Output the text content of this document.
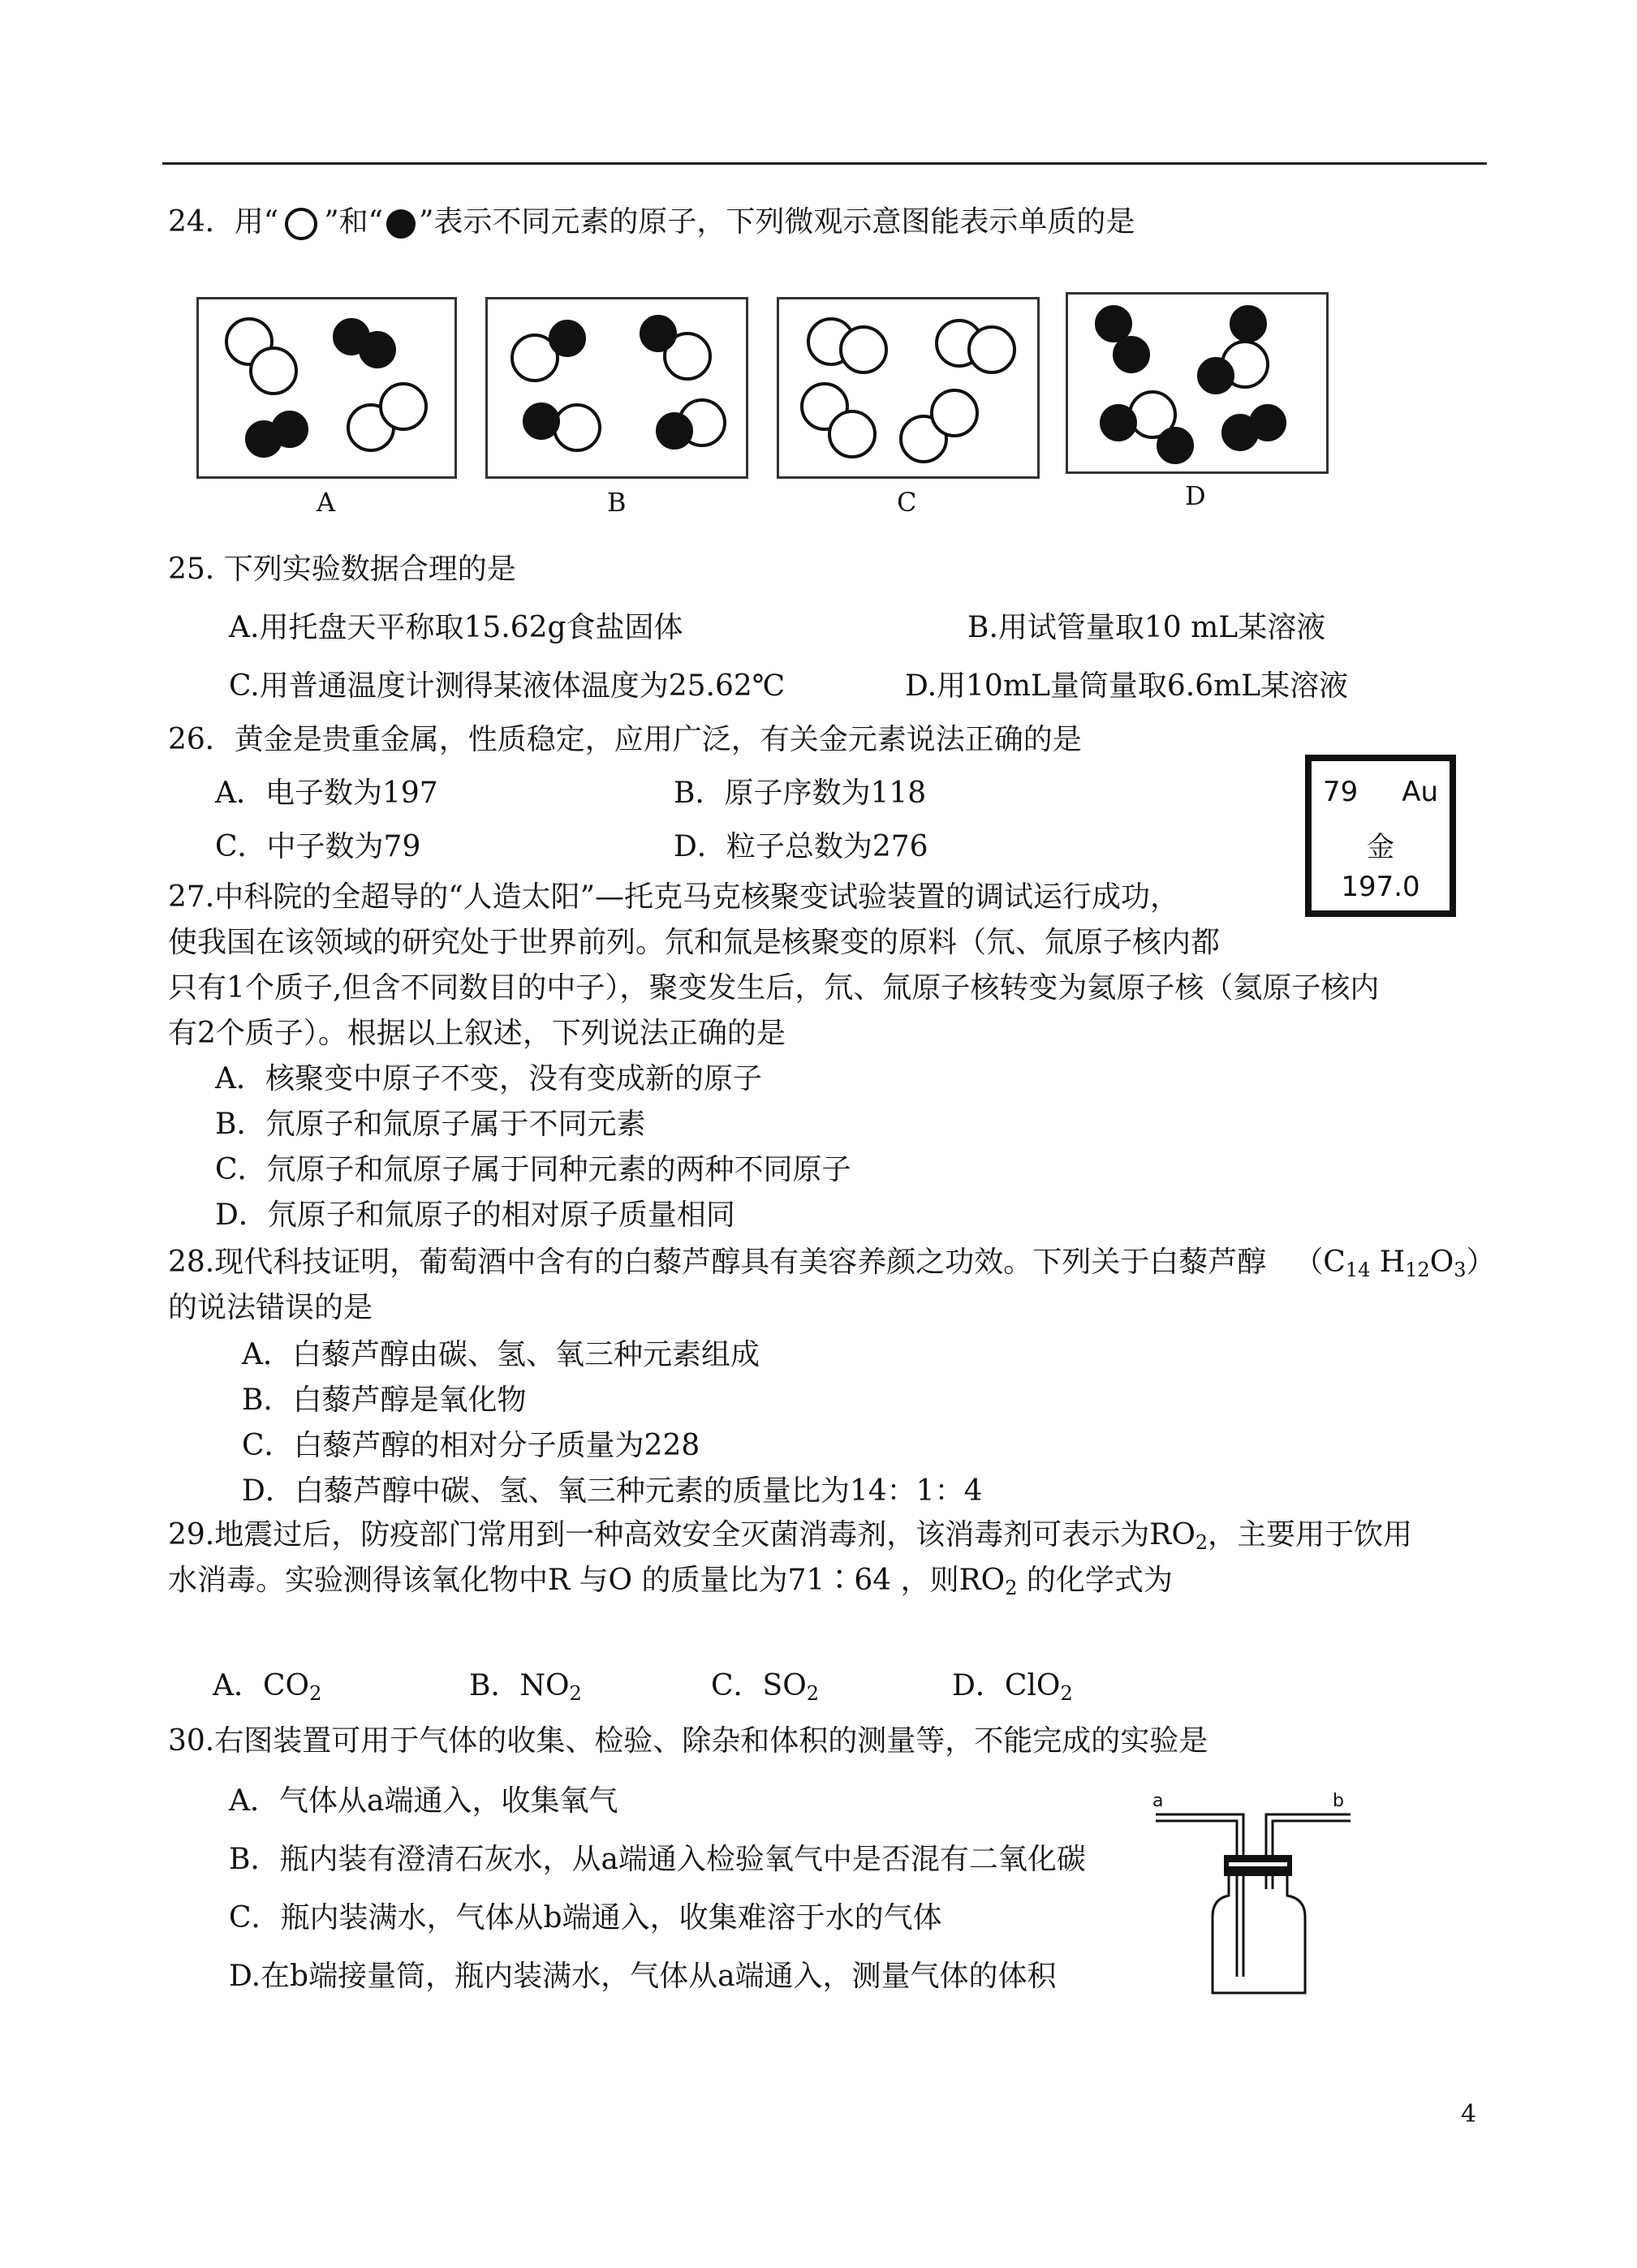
24．用“ ”和“ ”表示不同元素的原子，下列微观示意图能表示单质的是
A	B	C	D
25. 下列实验数据合理的是
A.用托盘天平称取15.62g食盐固体	B.用试管量取10 mL某溶液
C.用普通温度计测得某液体温度为25.62℃	D.用10mL量筒量取6.6mL某溶液
26．黄金是贵重金属，性质稳定，应用广泛，有关金元素说法正确的是
A．电子数为197	B．原子序数为118
C．中子数为79	D．粒子总数为276
79 Au
金
197.0
27.中科院的全超导的“人造太阳”—托克马克核聚变试验装置的调试运行成功，
使我国在该领域的研究处于世界前列。氘和氚是核聚变的原料（氘、氚原子核内都
只有1个质子,但含不同数目的中子），聚变发生后，氘、氚原子核转变为氦原子核（氦原子核内
有2个质子）。根据以上叙述，下列说法正确的是
A．核聚变中原子不变，没有变成新的原子
B．氘原子和氚原子属于不同元素
C．氘原子和氚原子属于同种元素的两种不同原子
D．氘原子和氚原子的相对原子质量相同
28.现代科技证明，葡萄酒中含有的白藜芦醇具有美容养颜之功效。下列关于白藜芦醇 （$C_{14}$ $H_{12}O_3$）
的说法错误的是
A．白藜芦醇由碳、氢、氧三种元素组成
B．白藜芦醇是氧化物
C．白藜芦醇的相对分子质量为228
D．白藜芦醇中碳、氢、氧三种元素的质量比为14：1：4
29.地震过后，防疫部门常用到一种高效安全灭菌消毒剂，该消毒剂可表示为$RO_2$，主要用于饮用
水消毒。实验测得该氧化物中R 与O 的质量比为71∶64 ，则$RO_2$ 的化学式为
A．$CO_2$	B．$NO_2$	C．$SO_2$	D．ClO$_2$
30.右图装置可用于气体的收集、检验、除杂和体积的测量等，不能完成的实验是
A．气体从a端通入，收集氧气
B．瓶内装有澄清石灰水，从a端通入检验氧气中是否混有二氧化碳
C．瓶内装满水，气体从b端通入，收集难溶于水的气体
D.在b端接量筒，瓶内装满水，气体从a端通入，测量气体的体积
a	b
4
